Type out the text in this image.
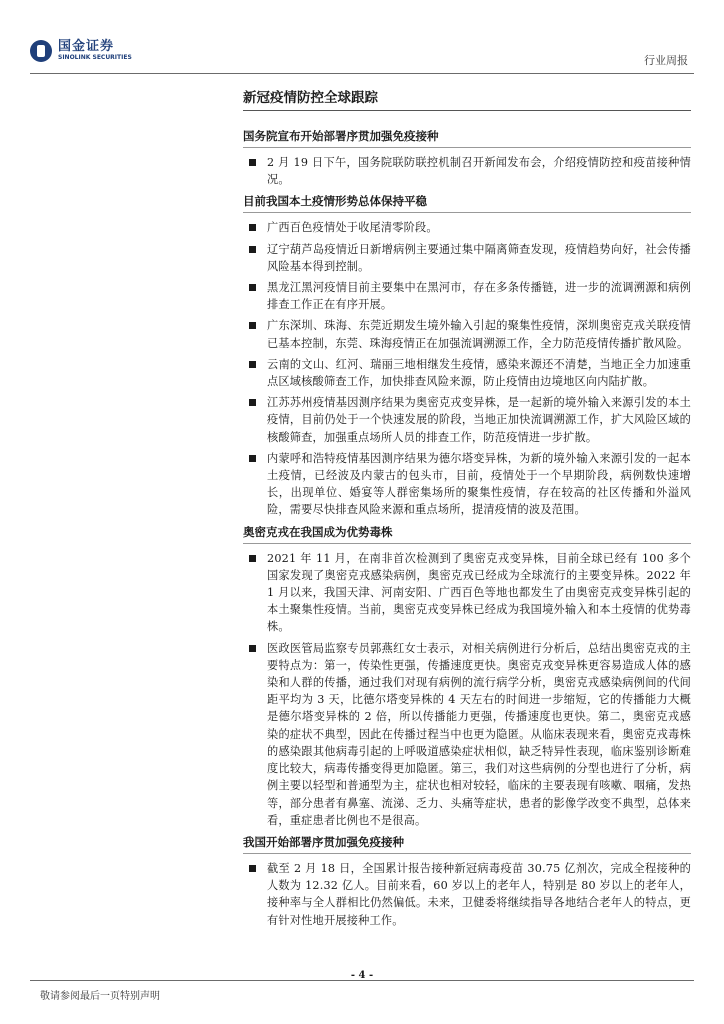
国金证券
SINOLINK SECURITIES	行业周报
新冠疫情防控全球跟踪
国务院宣布开始部署序贯加强免疫接种
2 月 19 日下午，国务院联防联控机制召开新闻发布会，介绍疫情防控和疫苗接种情况。
目前我国本土疫情形势总体保持平稳
广西百色疫情处于收尾清零阶段。
辽宁葫芦岛疫情近日新增病例主要通过集中隔离筛查发现，疫情趋势向好，社会传播风险基本得到控制。
黑龙江黑河疫情目前主要集中在黑河市，存在多条传播链，进一步的流调溯源和病例排查工作正在有序开展。
广东深圳、珠海、东莞近期发生境外输入引起的聚集性疫情，深圳奥密克戎关联疫情已基本控制，东莞、珠海疫情正在加强流调溯源工作，全力防范疫情传播扩散风险。
云南的文山、红河、瑞丽三地相继发生疫情，感染来源还不清楚，当地正全力加速重点区域核酸筛查工作，加快排查风险来源，防止疫情由边境地区向内陆扩散。
江苏苏州疫情基因测序结果为奥密克戎变异株，是一起新的境外输入来源引发的本土疫情，目前仍处于一个快速发展的阶段，当地正加快流调溯源工作，扩大风险区域的核酸筛查，加强重点场所人员的排查工作，防范疫情进一步扩散。
内蒙呼和浩特疫情基因测序结果为德尔塔变异株，为新的境外输入来源引发的一起本土疫情，已经波及内蒙古的包头市，目前，疫情处于一个早期阶段，病例数快速增长，出现单位、婚宴等人群密集场所的聚集性疫情，存在较高的社区传播和外溢风险，需要尽快排查风险来源和重点场所，提清疫情的波及范围。
奥密克戎在我国成为优势毒株
2021 年 11 月，在南非首次检测到了奥密克戎变异株，目前全球已经有 100 多个国家发现了奥密克戎感染病例，奥密克戎已经成为全球流行的主要变异株。2022 年 1 月以来，我国天津、河南安阳、广西百色等地也都发生了由奥密克戎变异株引起的本土聚集性疫情。当前，奥密克戎变异株已经成为我国境外输入和本土疫情的优势毒株。
医政医管局监察专员郭燕红女士表示，对相关病例进行分析后，总结出奥密克戎的主要特点为：第一，传染性更强，传播速度更快。奥密克戎变异株更容易造成人体的感染和人群的传播，通过我们对现有病例的流行病学分析，奥密克戎感染病例间的代间距平均为 3 天，比德尔塔变异株的 4 天左右的时间进一步缩短，它的传播能力大概是德尔塔变异株的 2 倍，所以传播能力更强，传播速度也更快。第二，奥密克戎感染的症状不典型，因此在传播过程当中也更为隐匿。从临床表现来看，奥密克戎毒株的感染跟其他病毒引起的上呼吸道感染症状相似，缺乏特异性表现，临床鉴别诊断难度比较大，病毒传播变得更加隐匿。第三，我们对这些病例的分型也进行了分析，病例主要以轻型和普通型为主，症状也相对较轻，临床的主要表现有咳嗽、咽痛，发热等，部分患者有鼻塞、流涕、乏力、头痛等症状，患者的影像学改变不典型，总体来看，重症患者比例也不是很高。
我国开始部署序贯加强免疫接种
截至 2 月 18 日，全国累计报告接种新冠病毒疫苗 30.75 亿剂次，完成全程接种的人数为 12.32 亿人。目前来看，60 岁以上的老年人，特别是 80 岁以上的老年人，接种率与全人群相比仍然偏低。未来，卫健委将继续指导各地结合老年人的特点，更有针对性地开展接种工作。
- 4 -
敬请参阅最后一页特别声明
